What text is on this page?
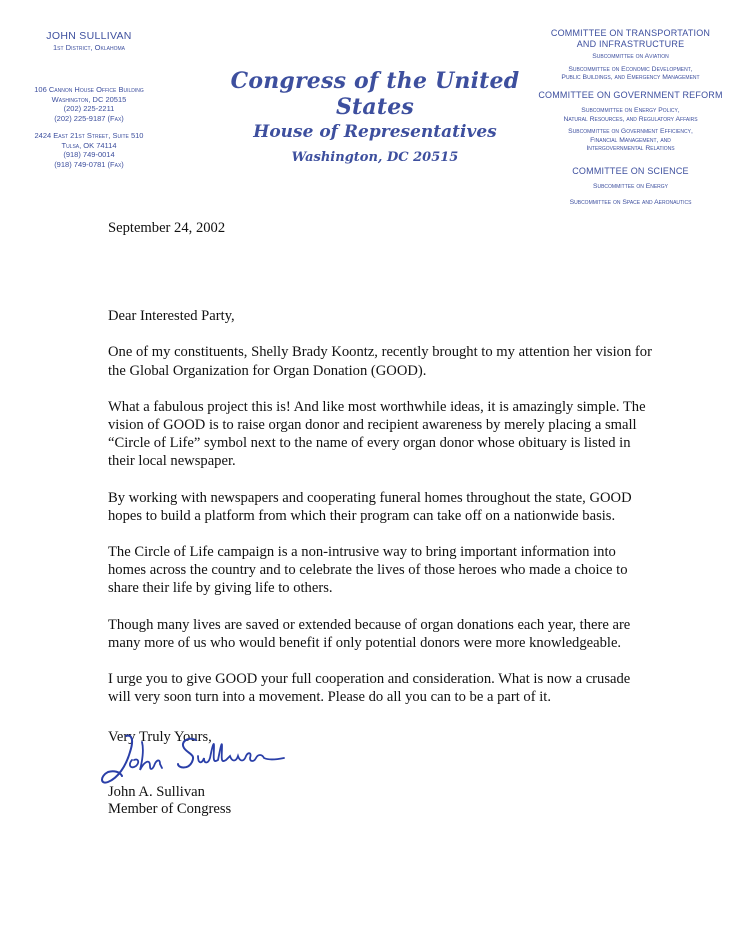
JOHN SULLIVAN
1st District, Oklahoma
106 Cannon House Office Building
Washington, DC 20515
(202) 225-2211
(202) 225-9187 (Fax)
2424 East 21st Street, Suite 510
Tulsa, OK 74114
(918) 749-0014
(918) 749-0781 (Fax)
Congress of the United States
House of Representatives
Washington, DC 20515
COMMITTEE ON TRANSPORTATION
AND INFRASTRUCTURE
Subcommittee on Aviation
Subcommittee on Economic Development,
Public Buildings, and Emergency Management
COMMITTEE ON GOVERNMENT REFORM
Subcommittee on Energy Policy,
Natural Resources, and Regulatory Affairs
Subcommittee on Government Efficiency,
Financial Management, and
Intergovernmental Relations
COMMITTEE ON SCIENCE
Subcommittee on Energy
Subcommittee on Space and Aeronautics
September 24, 2002
Dear Interested Party,
One of my constituents, Shelly Brady Koontz, recently brought to my attention her vision for the Global Organization for Organ Donation (GOOD).
What a fabulous project this is! And like most worthwhile ideas, it is amazingly simple. The vision of GOOD is to raise organ donor and recipient awareness by merely placing a small “Circle of Life” symbol next to the name of every organ donor whose obituary is listed in their local newspaper.
By working with newspapers and cooperating funeral homes throughout the state, GOOD hopes to build a platform from which their program can take off on a nationwide basis.
The Circle of Life campaign is a non-intrusive way to bring important information into homes across the country and to celebrate the lives of those heroes who made a choice to share their life by giving life to others.
Though many lives are saved or extended because of organ donations each year, there are many more of us who would benefit if only potential donors were more knowledgeable.
I urge you to give GOOD your full cooperation and consideration. What is now a crusade will very soon turn into a movement. Please do all you can to be a part of it.
Very Truly Yours,
John A. Sullivan
Member of Congress
